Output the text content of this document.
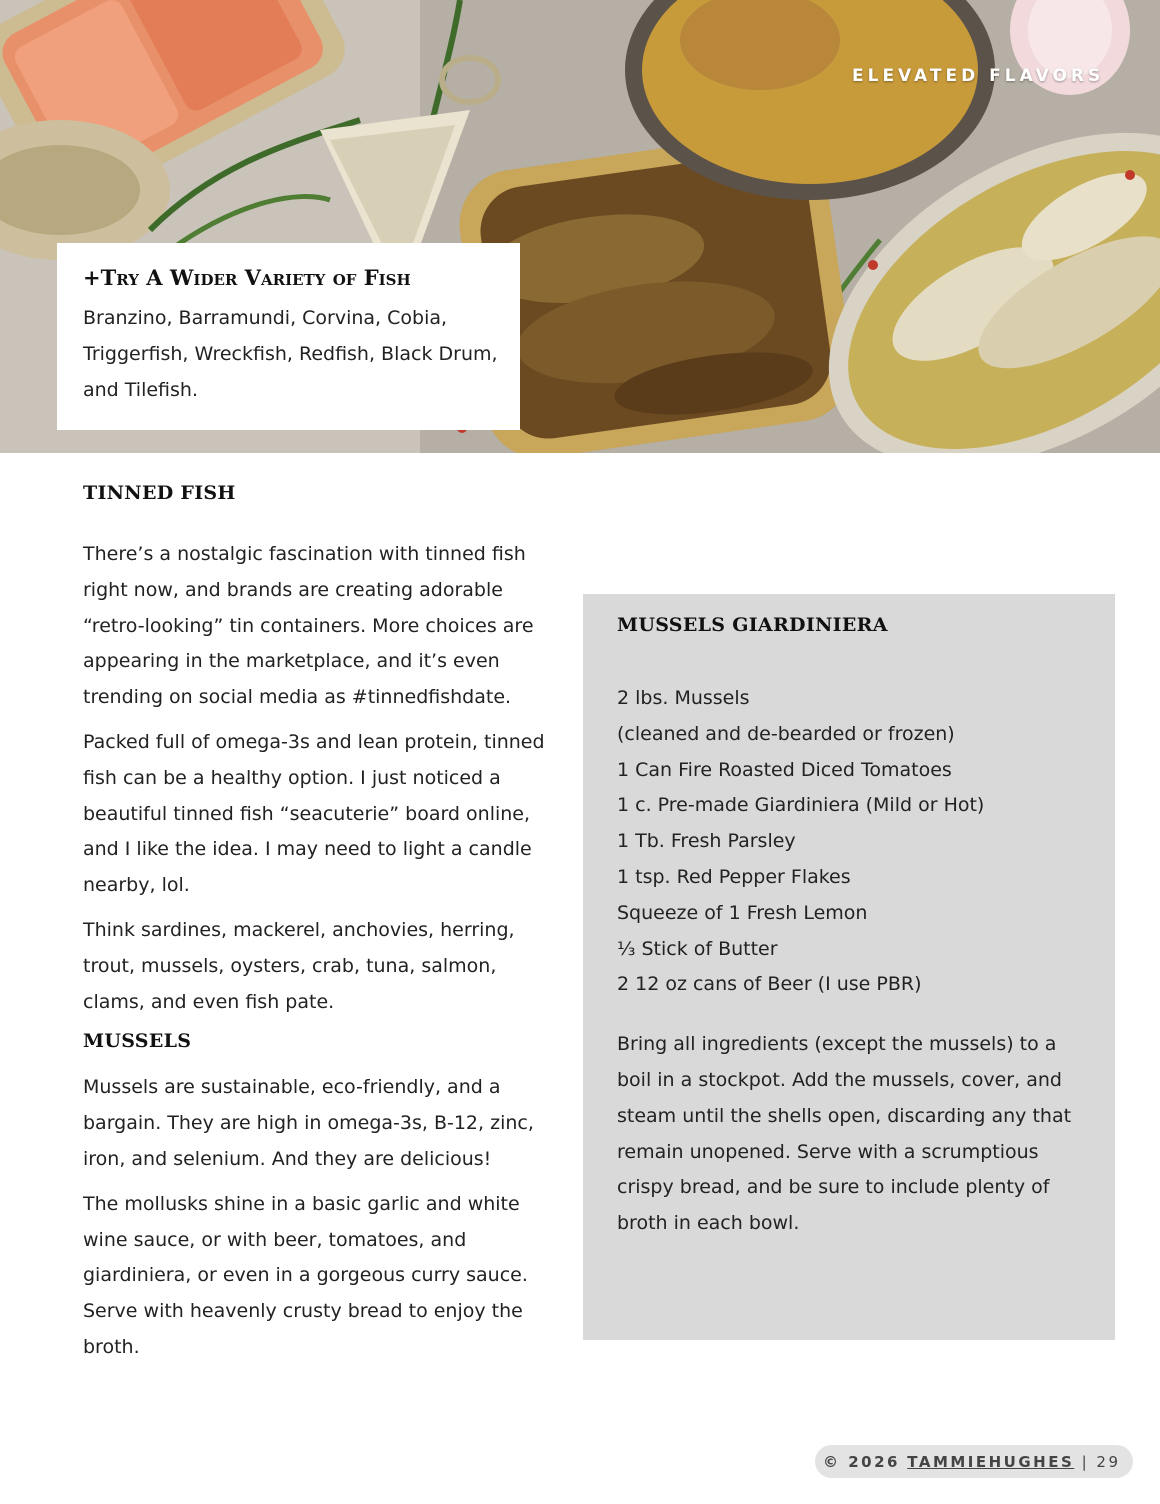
ELEVATED FLAVORS
+Try A Wider Variety of Fish

Branzino, Barramundi, Corvina, Cobia, Triggerfish, Wreckfish, Redfish, Black Drum, and Tilefish.

TINNED FISH

There’s a nostalgic fascination with tinned fish right now, and brands are creating adorable “retro-looking” tin containers. More choices are appearing in the marketplace, and it’s even trending on social media as #tinnedfishdate.

Packed full of omega-3s and lean protein, tinned fish can be a healthy option. I just noticed a beautiful tinned fish “seacuterie” board online, and I like the idea. I may need to light a candle nearby, lol.

Think sardines, mackerel, anchovies, herring, trout, mussels, oysters, crab, tuna, salmon, clams, and even fish pate.

MUSSELS

Mussels are sustainable, eco-friendly, and a bargain. They are high in omega-3s, B-12, zinc, iron, and selenium. And they are delicious!

The mollusks shine in a basic garlic and white wine sauce, or with beer, tomatoes, and giardiniera, or even in a gorgeous curry sauce. Serve with heavenly crusty bread to enjoy the broth.

MUSSELS GIARDINIERA
2 lbs. Mussels
(cleaned and de-bearded or frozen)
1 Can Fire Roasted Diced Tomatoes
1 c. Pre-made Giardiniera (Mild or Hot)
1 Tb. Fresh Parsley
1 tsp. Red Pepper Flakes
Squeeze of 1 Fresh Lemon
⅓ Stick of Butter
2 12 oz cans of Beer (I use PBR)

Bring all ingredients (except the mussels) to a boil in a stockpot. Add the mussels, cover, and steam until the shells open, discarding any that remain unopened. Serve with a scrumptious crispy bread, and be sure to include plenty of broth in each bowl.

© 2026
TAMMIEHUGHES
|
29
